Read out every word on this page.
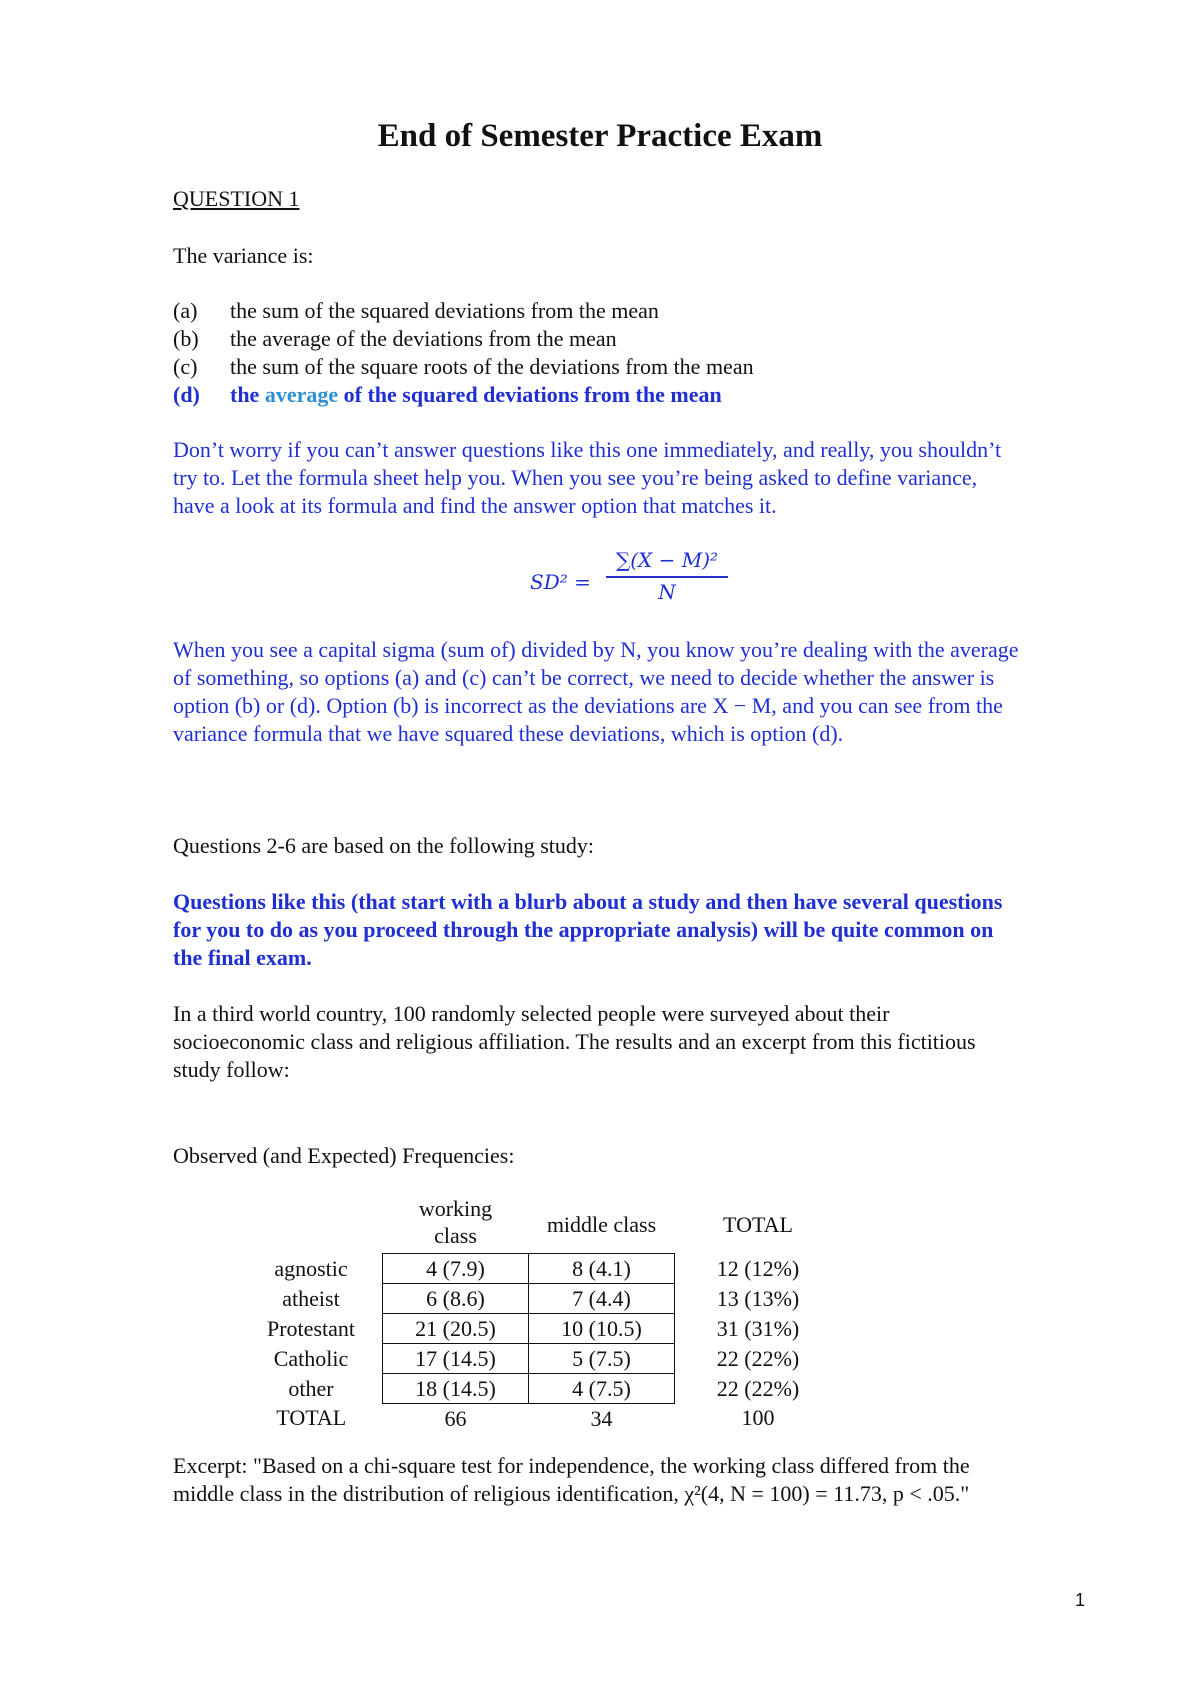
End of Semester Practice Exam
QUESTION 1
The variance is:
(a) the sum of the squared deviations from the mean
(b) the average of the deviations from the mean
(c) the sum of the square roots of the deviations from the mean
(d) the average of the squared deviations from the mean
Don’t worry if you can’t answer questions like this one immediately, and really, you shouldn’t
try to. Let the formula sheet help you. When you see you’re being asked to define variance,
have a look at its formula and find the answer option that matches it.
$SD^2 = \frac{\text{∑(X − M)²}}{N}$
When you see a capital sigma (sum of) divided by N, you know you’re dealing with the average
of something, so options (a) and (c) can’t be correct, we need to decide whether the answer is
option (b) or (d). Option (b) is incorrect as the deviations are X − M, and you can see from the
variance formula that we have squared these deviations, which is option (d).
Questions 2-6 are based on the following study:
Questions like this (that start with a blurb about a study and then have several questions
for you to do as you proceed through the appropriate analysis) will be quite common on
the final exam.
In a third world country, 100 randomly selected people were surveyed about their
socioeconomic class and religious affiliation. The results and an excerpt from this fictitious
study follow:
Observed (and Expected) Frequencies:
	working
class	middle class		TOTAL
agnostic	4 (7.9)	8 (4.1)		12 (12%)
atheist	6 (8.6)	7 (4.4)		13 (13%)
Protestant	21 (20.5)	10 (10.5)		31 (31%)
Catholic	17 (14.5)	5 (7.5)		22 (22%)
other	18 (14.5)	4 (7.5)		22 (22%)
TOTAL	66	34		100
Excerpt: "Based on a chi-square test for independence, the working class differed from the
middle class in the distribution of religious identification, χ²(4, N = 100) = 11.73, p < .05."
1
